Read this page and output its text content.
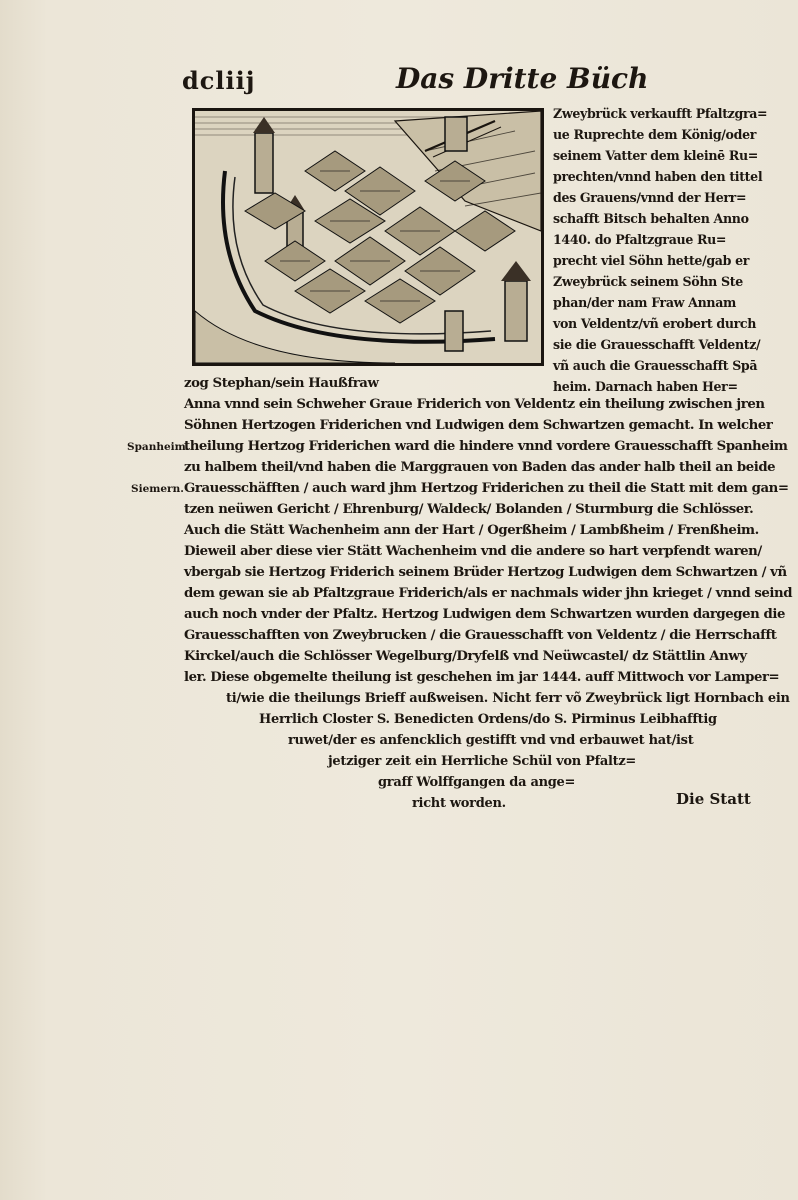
dcliij	Das Dritte Büch
Zweybrück verkaufft Pfaltzgra=
ue Ruprechte dem König/oder
seinem Vatter dem kleinē Ru=
prechten/vnnd haben den tittel
des Grauens/vnnd der Herr=
schafft Bitsch behalten Anno
1440. do Pfaltzgraue Ru=
precht viel Söhn hette/gab er
Zweybrück seinem Söhn Ste
phan/der nam Fraw Annam
von Veldentz/vñ erobert durch
sie die Grauesschafft Veldentz/
vñ auch die Grauesschafft Spā
heim. Darnach haben Her=
zog Stephan/sein Haußfraw
Anna vnnd sein Schweher Graue Friderich von Veldentz ein theilung zwischen jren
Söhnen Hertzogen Friderichen vnd Ludwigen dem Schwartzen gemacht. In welcher
theilung Hertzog Friderichen ward die hindere vnnd vordere Grauesschafft Spanheim
zu halbem theil/vnd haben die Marggrauen von Baden das ander halb theil an beide
Grauesschäfften / auch ward jhm Hertzog Friderichen zu theil die Statt mit dem gan=
tzen neüwen Gericht / Ehrenburg/ Waldeck/ Bolanden / Sturmburg die Schlösser.
Auch die Stätt Wachenheim ann der Hart / Ogerßheim / Lambßheim / Frenßheim.
Dieweil aber diese vier Stätt Wachenheim vnd die andere so hart verpfendt waren/
vbergab sie Hertzog Friderich seinem Brüder Hertzog Ludwigen dem Schwartzen / vñ
dem gewan sie ab Pfaltzgraue Friderich/als er nachmals wider jhn krieget / vnnd seind
auch noch vnder der Pfaltz. Hertzog Ludwigen dem Schwartzen wurden dargegen die
Grauesschafften von Zweybrucken / die Grauesschafft von Veldentz / die Herrschafft
Kirckel/auch die Schlösser Wegelburg/Dryfelß vnd Neüwcastel/ dz Stättlin Anwy
ler. Diese obgemelte theilung ist geschehen im jar 1444. auff Mittwoch vor Lamper=
ti/wie die theilungs Brieff außweisen. Nicht ferr võ Zweybrück ligt Hornbach ein
Herrlich Closter S. Benedicten Ordens/do S. Pirminus Leibhafftig
ruwet/der es anfencklich gestifft vnd vnd erbauwet hat/ist
jetziger zeit ein Herrliche Schül von Pfaltz=
graff Wolffgangen da ange=
richt worden.
Spanheim.
Siemern.
Die Statt
